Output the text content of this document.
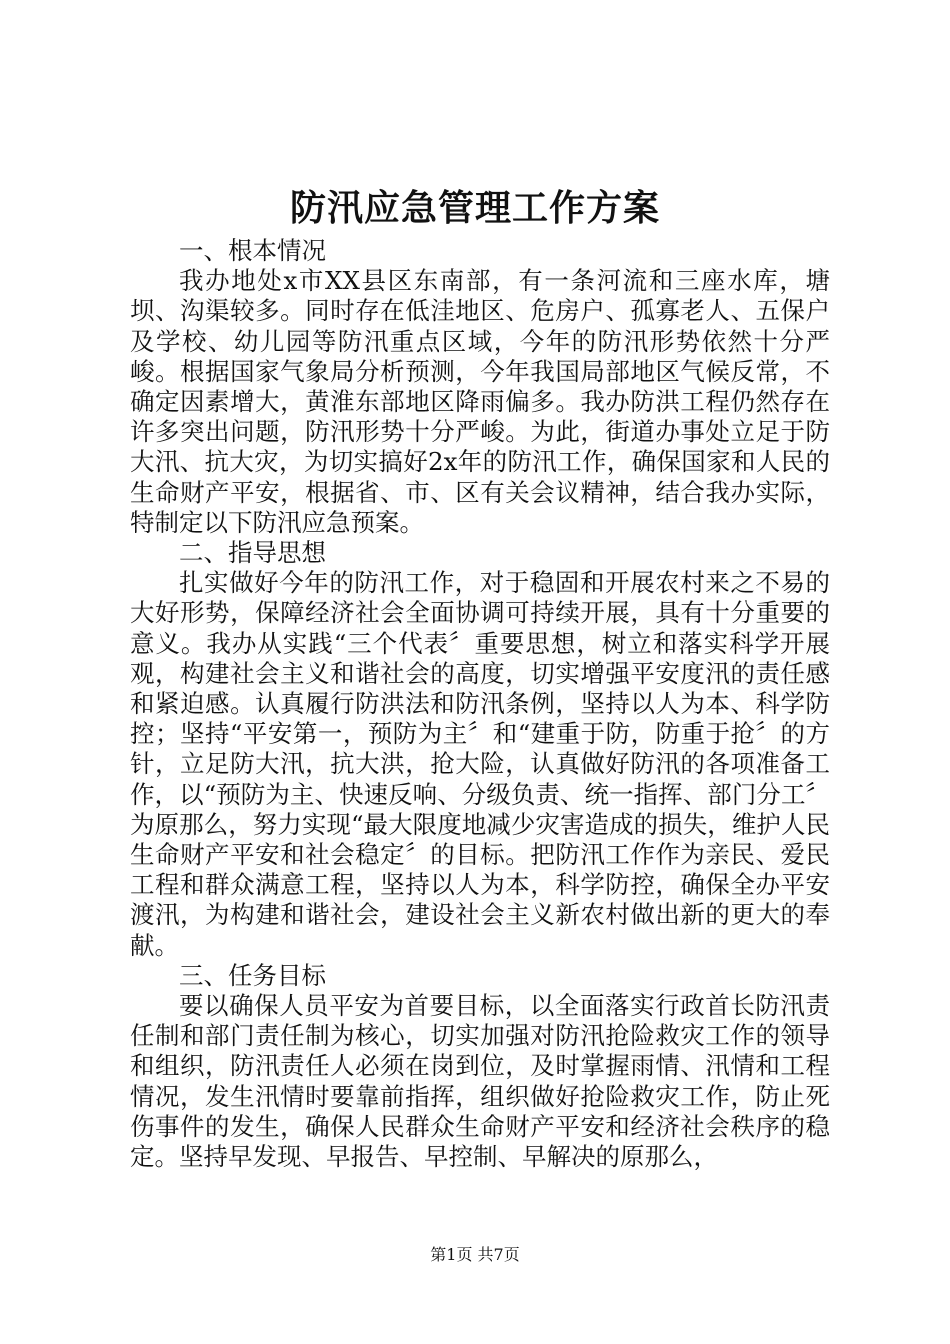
防汛应急管理工作方案

一、根本情况

我办地处x市XX县区东南部，有一条河流和三座水库，塘坝、沟渠较多。同时存在低洼地区、危房户、孤寡老人、五保户及学校、幼儿园等防汛重点区域，今年的防汛形势依然十分严峻。根据国家气象局分析预测，今年我国局部地区气候反常，不确定因素增大，黄淮东部地区降雨偏多。我办防洪工程仍然存在许多突出问题，防汛形势十分严峻。为此，街道办事处立足于防大汛、抗大灾，为切实搞好2x年的防汛工作，确保国家和人民的生命财产平安，根据省、市、区有关会议精神，结合我办实际，特制定以下防汛应急预案。

二、指导思想

扎实做好今年的防汛工作，对于稳固和开展农村来之不易的大好形势，保障经济社会全面协调可持续开展，具有十分重要的意义。我办从实践“三个代表〞重要思想，树立和落实科学开展观，构建社会主义和谐社会的高度，切实增强平安度汛的责任感和紧迫感。认真履行防洪法和防汛条例，坚持以人为本、科学防控；坚持“平安第一，预防为主〞和“建重于防，防重于抢〞的方针，立足防大汛，抗大洪，抢大险，认真做好防汛的各项准备工作，以“预防为主、快速反响、分级负责、统一指挥、部门分工〞为原那么，努力实现“最大限度地减少灾害造成的损失，维护人民生命财产平安和社会稳定〞的目标。把防汛工作作为亲民、爱民工程和群众满意工程，坚持以人为本，科学防控，确保全办平安渡汛，为构建和谐社会，建设社会主义新农村做出新的更大的奉献。

三、任务目标

要以确保人员平安为首要目标，以全面落实行政首长防汛责任制和部门责任制为核心，切实加强对防汛抢险救灾工作的领导和组织，防汛责任人必须在岗到位，及时掌握雨情、汛情和工程情况，发生汛情时要靠前指挥，组织做好抢险救灾工作，防止死伤事件的发生，确保人民群众生命财产平安和经济社会秩序的稳定。坚持早发现、早报告、早控制、早解决的原那么，

第1页 共7页
